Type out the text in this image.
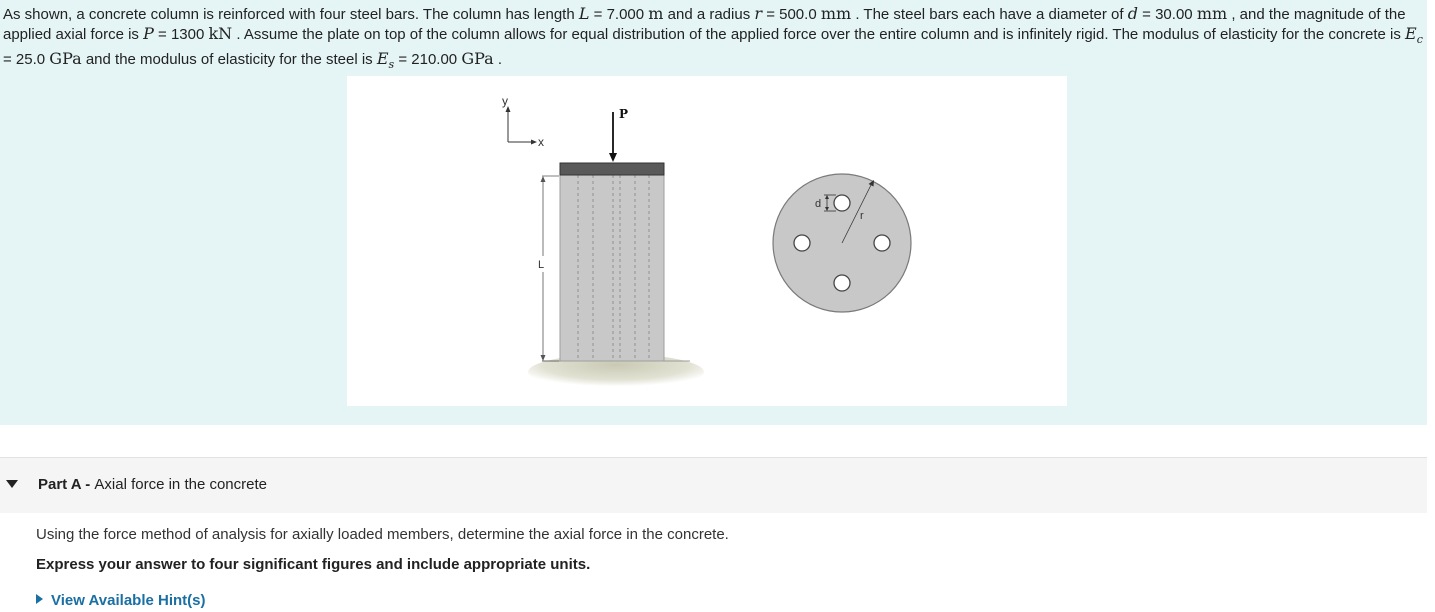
As shown, a concrete column is reinforced with four steel bars. The column has length L = 7.000 m and a radius r = 500.0 mm . The steel bars each have a diameter of d = 30.00 mm , and the magnitude of the applied axial force is P = 1300 kN . Assume the plate on top of the column allows for equal distribution of the applied force over the entire column and is infinitely rigid. The modulus of elasticity for the concrete is $E_c = 25.0$ GPa and the modulus of elasticity for the steel is $E_s = 210.00$ GPa .
y
x
P
L
d
r
Part A - Axial force in the concrete
Using the force method of analysis for axially loaded members, determine the axial force in the concrete.
Express your answer to four significant figures and include appropriate units.
View Available Hint(s)
